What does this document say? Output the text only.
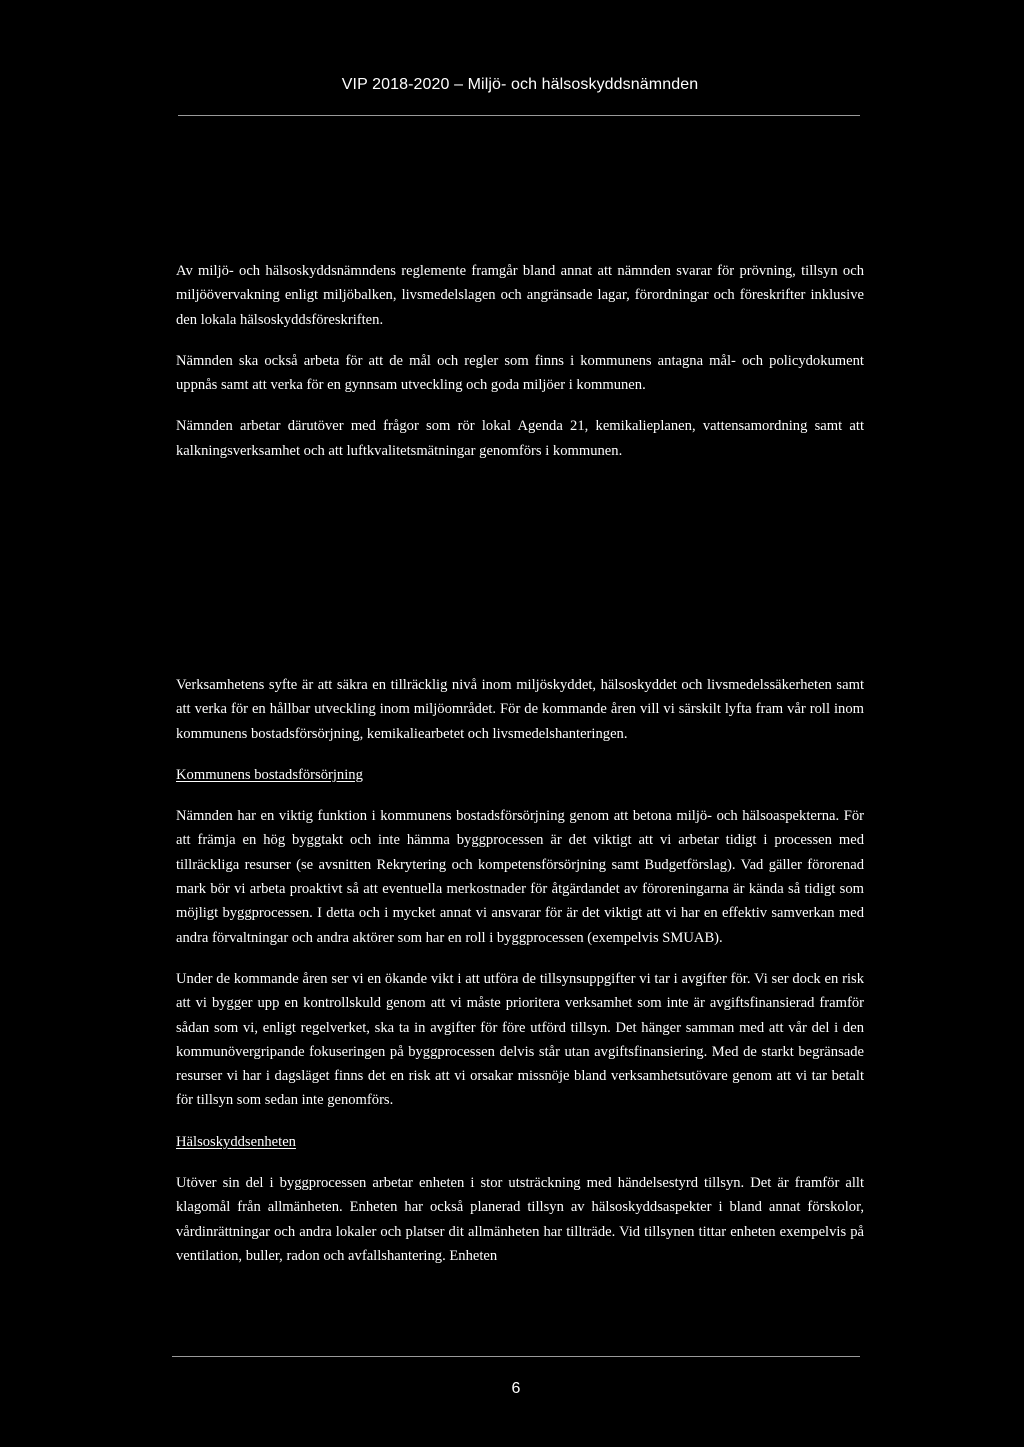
VIP 2018-2020 – Miljö- och hälsoskyddsnämnden

Av miljö- och hälsoskyddsnämndens reglemente framgår bland annat att nämnden svarar för prövning, tillsyn och miljöövervakning enligt miljöbalken, livsmedelslagen och angränsade lagar, förordningar och föreskrifter inklusive den lokala hälsoskyddsföreskriften.

Nämnden ska också arbeta för att de mål och regler som finns i kommunens antagna mål- och policydokument uppnås samt att verka för en gynnsam utveckling och goda miljöer i kommunen.

Nämnden arbetar därutöver med frågor som rör lokal Agenda 21, kemikalieplanen, vattensamordning samt att kalkningsverksamhet och att luftkvalitetsmätningar genomförs i kommunen.

Verksamhetens syfte är att säkra en tillräcklig nivå inom miljöskyddet, hälsoskyddet och livsmedelssäkerheten samt att verka för en hållbar utveckling inom miljöområdet. För de kommande åren vill vi särskilt lyfta fram vår roll inom kommunens bostadsförsörjning, kemikaliearbetet och livsmedelshanteringen.

Kommunens bostadsförsörjning

Nämnden har en viktig funktion i kommunens bostadsförsörjning genom att betona miljö- och hälsoaspekterna. För att främja en hög byggtakt och inte hämma byggprocessen är det viktigt att vi arbetar tidigt i processen med tillräckliga resurser (se avsnitten Rekrytering och kompetensförsörjning samt Budgetförslag). Vad gäller förorenad mark bör vi arbeta proaktivt så att eventuella merkostnader för åtgärdandet av föroreningarna är kända så tidigt som möjligt byggprocessen. I detta och i mycket annat vi ansvarar för är det viktigt att vi har en effektiv samverkan med andra förvaltningar och andra aktörer som har en roll i byggprocessen (exempelvis SMUAB).

Under de kommande åren ser vi en ökande vikt i att utföra de tillsynsuppgifter vi tar i avgifter för. Vi ser dock en risk att vi bygger upp en kontrollskuld genom att vi måste prioritera verksamhet som inte är avgiftsfinansierad framför sådan som vi, enligt regelverket, ska ta in avgifter för före utförd tillsyn. Det hänger samman med att vår del i den kommunövergripande fokuseringen på byggprocessen delvis står utan avgiftsfinansiering. Med de starkt begränsade resurser vi har i dagsläget finns det en risk att vi orsakar missnöje bland verksamhetsutövare genom att vi tar betalt för tillsyn som sedan inte genomförs.

Hälsoskyddsenheten

Utöver sin del i byggprocessen arbetar enheten i stor utsträckning med händelsestyrd tillsyn. Det är framför allt klagomål från allmänheten. Enheten har också planerad tillsyn av hälsoskyddsaspekter i bland annat förskolor, vårdinrättningar och andra lokaler och platser dit allmänheten har tillträde. Vid tillsynen tittar enheten exempelvis på ventilation, buller, radon och avfallshantering. Enheten

6
